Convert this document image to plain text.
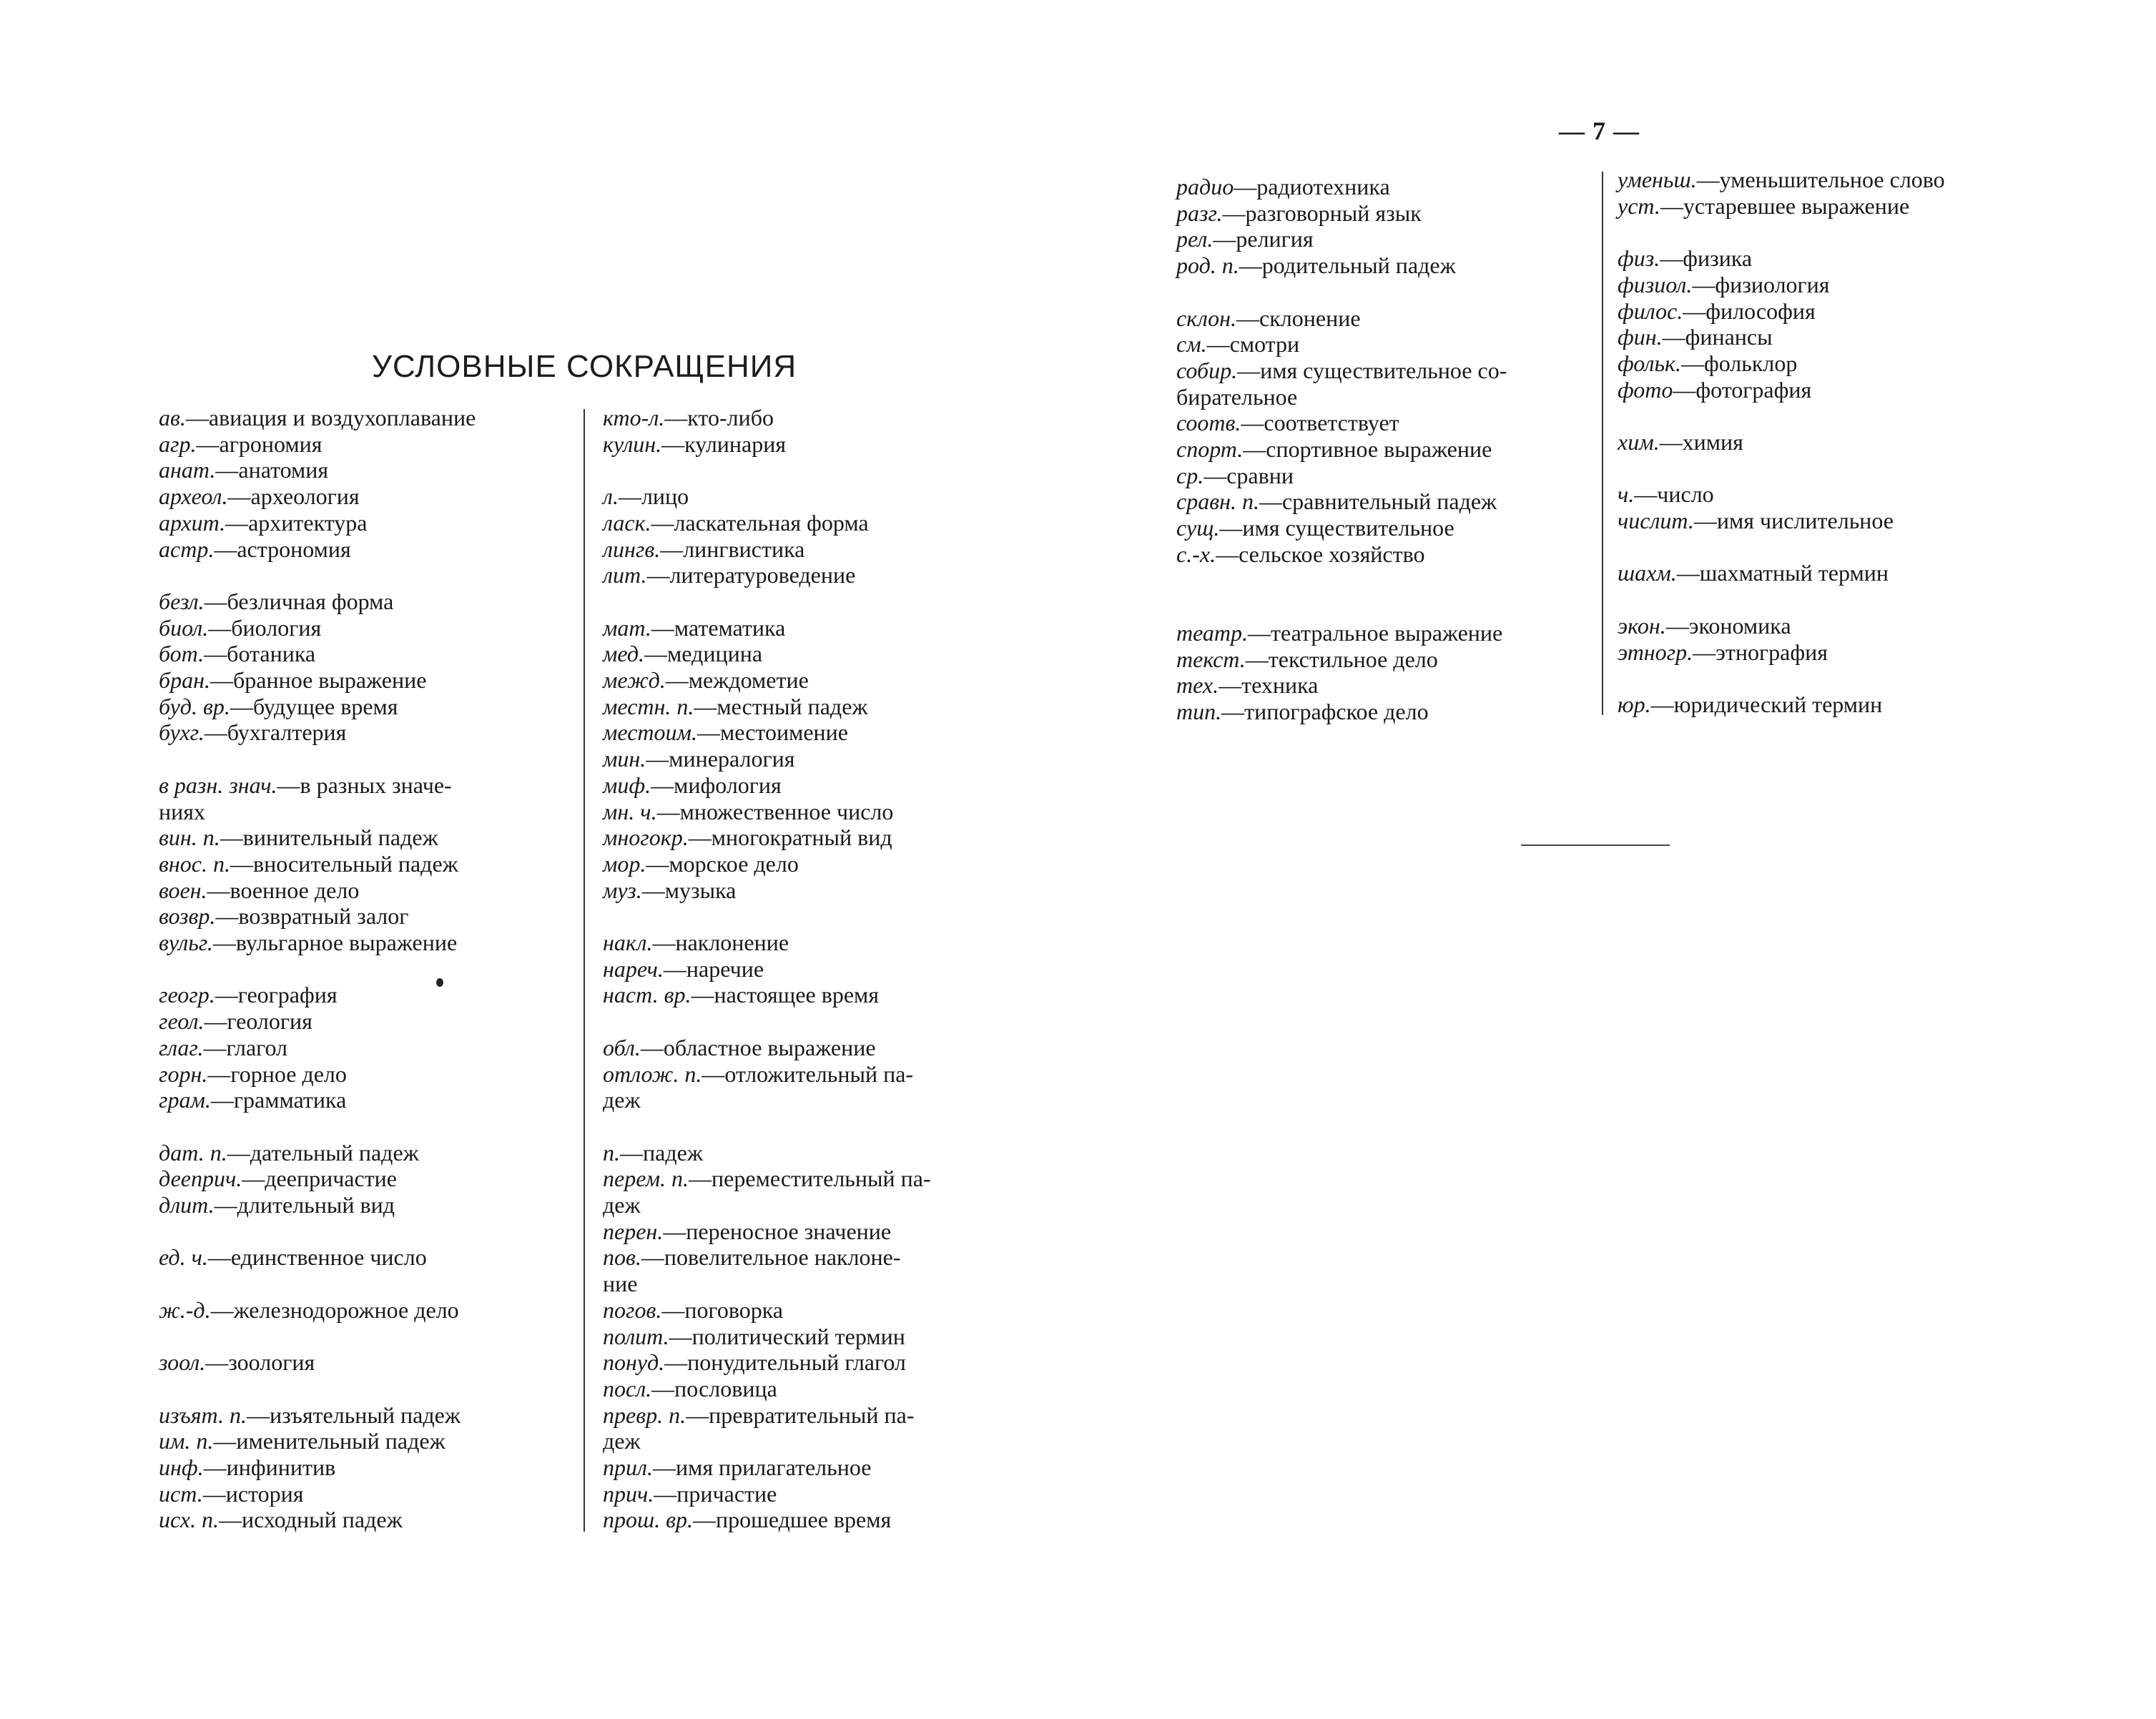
— 7 —
УСЛОВНЫЕ СОКРАЩЕНИЯ
ав.—авиация и воздухоплавание
агр.—агрономия
анат.—анатомия
археол.—археология
архит.—архитектура
астр.—астрономия
безл.—безличная форма
биол.—биология
бот.—ботаника
бран.—бранное выражение
буд. вр.—будущее время
бухг.—бухгалтерия
в разн. знач.—в разных значе-
ниях
вин. п.—винительный падеж
внос. п.—вносительный падеж
воен.—военное дело
возвр.—возвратный залог
вульг.—вульгарное выражение
геогр.—география
геол.—геология
глаг.—глагол
горн.—горное дело
грам.—грамматика
дат. п.—дательный падеж
дееприч.—деепричастие
длит.—длительный вид
ед. ч.—единственное число
ж.-д.—железнодорожное дело
зоол.—зоология
изъят. п.—изъятельный падеж
им. п.—именительный падеж
инф.—инфинитив
ист.—история
исх. п.—исходный падеж
кто-л.—кто-либо
кулин.—кулинария
л.—лицо
ласк.—ласкательная форма
лингв.—лингвистика
лит.—литературоведение
мат.—математика
мед.—медицина
межд.—междометие
местн. п.—местный падеж
местоим.—местоимение
мин.—минералогия
миф.—мифология
мн. ч.—множественное число
многокр.—многократный вид
мор.—морское дело
муз.—музыка
накл.—наклонение
нареч.—наречие
наст. вр.—настоящее время
обл.—областное выражение
отлож. п.—отложительный па-
деж
п.—падеж
перем. п.—переместительный па-
деж
перен.—переносное значение
пов.—повелительное наклоне-
ние
погов.—поговорка
полит.—политический термин
понуд.—понудительный глагол
посл.—пословица
превр. п.—превратительный па-
деж
прил.—имя прилагательное
прич.—причастие
прош. вр.—прошедшее время
радио—радиотехника
разг.—разговорный язык
рел.—религия
род. п.—родительный падеж
склон.—склонение
см.—смотри
собир.—имя существительное со-
бирательное
соотв.—соответствует
спорт.—спортивное выражение
ср.—сравни
сравн. п.—сравнительный падеж
сущ.—имя существительное
с.-х.—сельское хозяйство
театр.—театральное выражение
текст.—текстильное дело
тех.—техника
тип.—типографское дело
уменьш.—уменьшительное слово
уст.—устаревшее выражение
физ.—физика
физиол.—физиология
филос.—философия
фин.—финансы
фольк.—фольклор
фото—фотография
хим.—химия
ч.—число
числит.—имя числительное
шахм.—шахматный термин
экон.—экономика
этногр.—этнография
юр.—юридический термин
